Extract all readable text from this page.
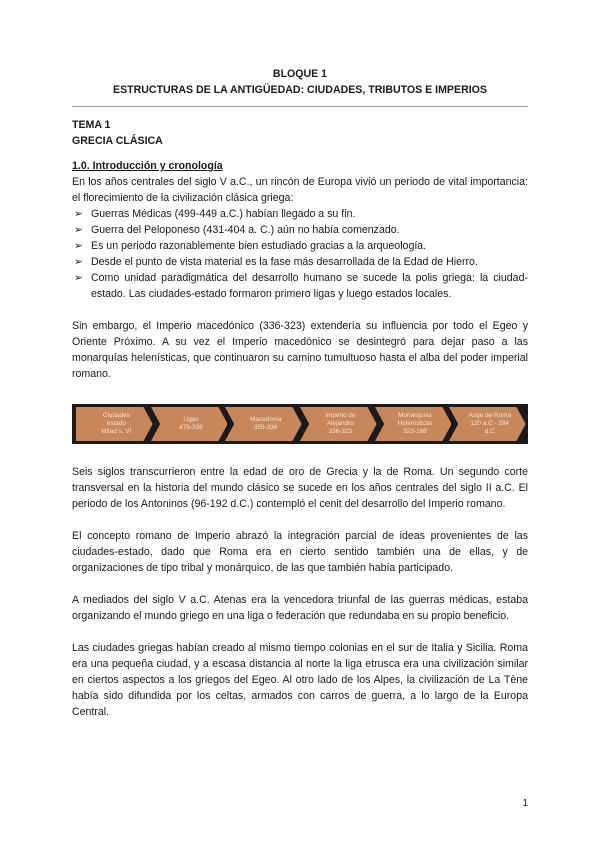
BLOQUE 1
ESTRUCTURAS DE LA ANTIGÜEDAD: CIUDADES, TRIBUTOS E IMPERIOS
TEMA 1
GRECIA CLÁSICA
1.0. Introducción y cronología

En los años centrales del siglo V a.C., un rincón de Europa vivió un periodo de vital importancia: el florecimiento de la civilización clásica griega:

➢ Guerras Médicas (499-449 a.C.) habían llegado a su fin.
➢ Guerra del Peloponeso (431-404 a. C.) aún no había comenzado.
➢ Es un periodo razonablemente bien estudiado gracias a la arqueología.
➢ Desde el punto de vista material es la fase más desarrollada de la Edad de Hierro.
➢ Como unidad paradigmática del desarrollo humano se sucede la polis griega: la ciudad-estado. Las ciudades-estado formaron primero ligas y luego estados locales.

Sin embargo, el Imperio macedónico (336-323) extendería su influencia por todo el Egeo y Oriente Próximo. A su vez el Imperio macedónico se desintegró para dejar paso a las monarquías helenísticas, que continuaron su camino tumultuoso hasta el alba del poder imperial romano.

Ciudades
estado
Mitad s. VI
Ligas
478-338
Macedonia
359-336
Imperio de
Alejandro
336-323
Monarquías
Helenísticas
323-168
Auge de Roma
120 a.C - 284
d.C

Seis siglos transcurrieron entre la edad de oro de Grecia y la de Roma. Un segundo corte transversal en la historia del mundo clásico se sucede en los años centrales del siglo II a.C. El periodo de los Antoninos (96-192 d.C.) contempló el cenit del desarrollo del Imperio romano.

El concepto romano de Imperio abrazó la integración parcial de ideas provenientes de las ciudades-estado, dado que Roma era en cierto sentido también una de ellas, y de organizaciones de tipo tribal y monárquico, de las que también había participado.

A mediados del siglo V a.C. Atenas era la vencedora triunfal de las guerras médicas, estaba organizando el mundo griego en una liga o federación que redundaba en su propio beneficio.

Las ciudades griegas habían creado al mismo tiempo colonias en el sur de Italia y Sicilia. Roma era una pequeña ciudad, y a escasa distancia al norte la liga etrusca era una civilización similar en ciertos aspectos a los griegos del Egeo. Al otro lado de los Alpes, la civilización de La Tène había sido difundida por los celtas, armados con carros de guerra, a lo largo de la Europa Central.

1
